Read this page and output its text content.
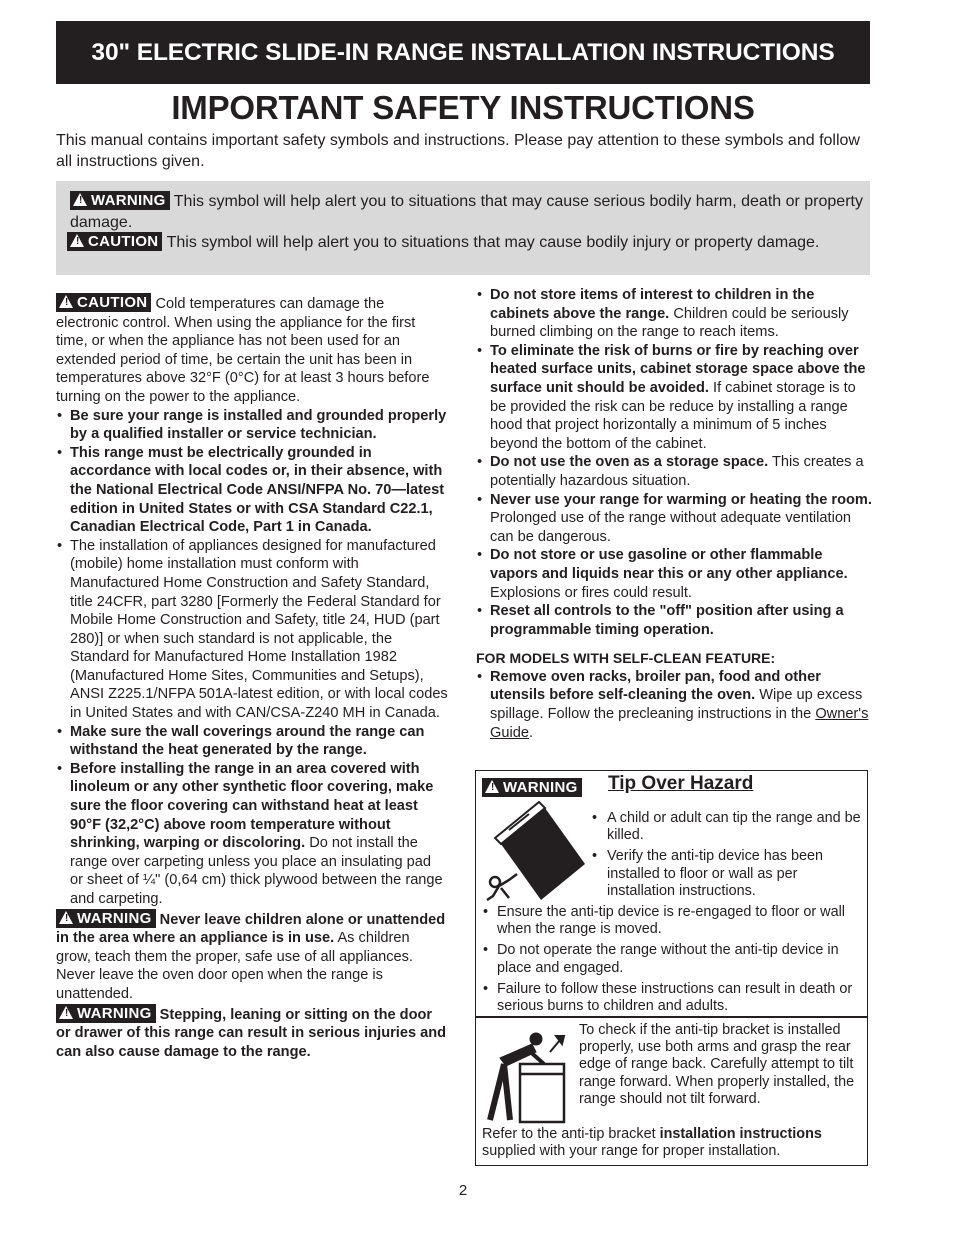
30" ELECTRIC SLIDE-IN RANGE INSTALLATION INSTRUCTIONS
IMPORTANT SAFETY INSTRUCTIONS
This manual contains important safety symbols and instructions. Please pay attention to these symbols and follow all instructions given.
! WARNING This symbol will help alert you to situations that may cause serious bodily harm, death or property damage.
! CAUTION This symbol will help alert you to situations that may cause bodily injury or property damage.

! CAUTION Cold temperatures can damage the electronic control. When using the appliance for the first time, or when the appliance has not been used for an extended period of time, be certain the unit has been in temperatures above 32°F (0°C) for at least 3 hours before turning on the power to the appliance.

• Be sure your range is installed and grounded properly by a qualified installer or service technician.
• This range must be electrically grounded in accordance with local codes or, in their absence, with the National Electrical Code ANSI/NFPA No. 70—latest edition in United States or with CSA Standard C22.1, Canadian Electrical Code, Part 1 in Canada.
• The installation of appliances designed for manufactured (mobile) home installation must conform with Manufactured Home Construction and Safety Standard, title 24CFR, part 3280 [Formerly the Federal Standard for Mobile Home Construction and Safety, title 24, HUD (part 280)] or when such standard is not applicable, the Standard for Manufactured Home Installation 1982 (Manufactured Home Sites, Communities and Setups), ANSI Z225.1/NFPA 501A-latest edition, or with local codes in United States and with CAN/CSA-Z240 MH in Canada.
• Make sure the wall coverings around the range can withstand the heat generated by the range.
• Before installing the range in an area covered with linoleum or any other synthetic floor covering, make sure the floor covering can withstand heat at least 90°F (32,2°C) above room temperature without shrinking, warping or discoloring. Do not install the range over carpeting unless you place an insulating pad or sheet of ¼" (0,64 cm) thick plywood between the range and carpeting.

! WARNING Never leave children alone or unattended in the area where an appliance is in use. As children grow, teach them the proper, safe use of all appliances. Never leave the oven door open when the range is unattended.

! WARNING Stepping, leaning or sitting on the door or drawer of this range can result in serious injuries and can also cause damage to the range.

• Do not store items of interest to children in the cabinets above the range. Children could be seriously burned climbing on the range to reach items.
• To eliminate the risk of burns or fire by reaching over heated surface units, cabinet storage space above the surface unit should be avoided. If cabinet storage is to be provided the risk can be reduce by installing a range hood that project horizontally a minimum of 5 inches beyond the bottom of the cabinet.
• Do not use the oven as a storage space. This creates a potentially hazardous situation.
• Never use your range for warming or heating the room. Prolonged use of the range without adequate ventilation can be dangerous.
• Do not store or use gasoline or other flammable vapors and liquids near this or any other appliance. Explosions or fires could result.
• Reset all controls to the "off" position after using a programmable timing operation.

FOR MODELS WITH SELF-CLEAN FEATURE:

• Remove oven racks, broiler pan, food and other utensils before self-cleaning the oven. Wipe up excess spillage. Follow the precleaning instructions in the Owner's Guide.
! WARNING Tip Over Hazard
• A child or adult can tip the range and be killed.
• Verify the anti-tip device has been installed to floor or wall as per installation instructions.
• Ensure the anti-tip device is re-engaged to floor or wall when the range is moved.
• Do not operate the range without the anti-tip device in place and engaged.
• Failure to follow these instructions can result in death or serious burns to children and adults.
To check if the anti-tip bracket is installed properly, use both arms and grasp the rear edge of range back. Carefully attempt to tilt range forward. When properly installed, the range should not tilt forward.
Refer to the anti-tip bracket installation instructions supplied with your range for proper installation.
2
